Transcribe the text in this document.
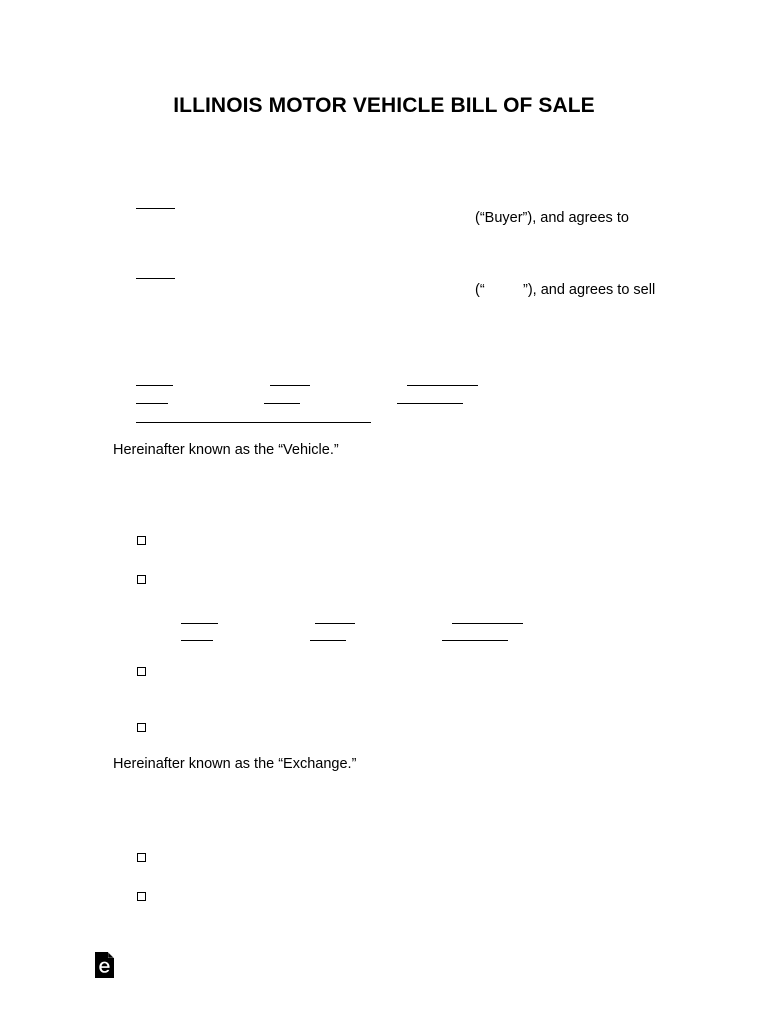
ILLINOIS MOTOR VEHICLE BILL OF SALE
(“Buyer”), and agrees to
(“	”), and agrees to sell
Hereinafter known as the “Vehicle.”
Hereinafter known as the “Exchange.”
